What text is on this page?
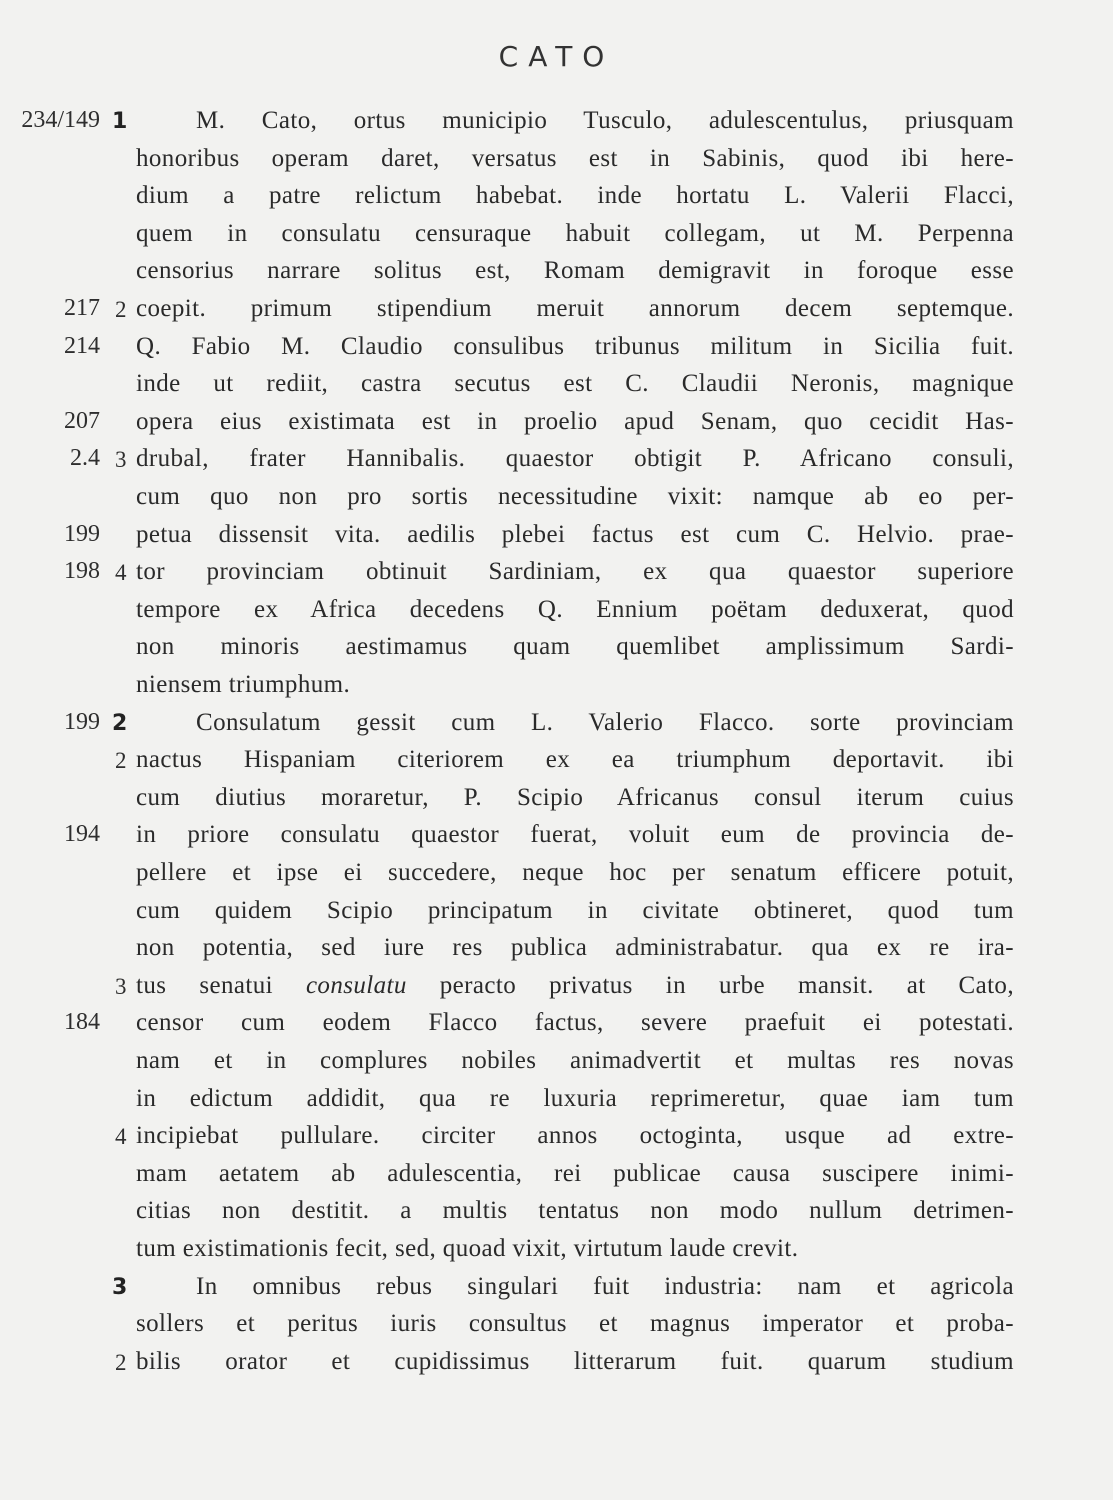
CATO
234/149 1	M. Cato, ortus municipio Tusculo, adulescentulus, priusquam
honoribus operam daret, versatus est in Sabinis, quod ibi here-
dium a patre relictum habebat. inde hortatu L. Valerii Flacci,
quem in consulatu censuraque habuit collegam, ut M. Perpenna
censorius narrare solitus est, Romam demigravit in foroque esse
217 2 coepit. primum stipendium meruit annorum decem septemque.
214 Q. Fabio M. Claudio consulibus tribunus militum in Sicilia fuit.
inde ut rediit, castra secutus est C. Claudii Neronis, magnique
207 opera eius existimata est in proelio apud Senam, quo cecidit Has-
2.4 3 drubal, frater Hannibalis. quaestor obtigit P. Africano consuli,
cum quo non pro sortis necessitudine vixit: namque ab eo per-
199 petua dissensit vita. aedilis plebei factus est cum C. Helvio. prae-
198 4 tor provinciam obtinuit Sardiniam, ex qua quaestor superiore
tempore ex Africa decedens Q. Ennium poëtam deduxerat, quod
non minoris aestimamus quam quemlibet amplissimum Sardi-
niensem triumphum.
199 2	Consulatum gessit cum L. Valerio Flacco. sorte provinciam
2 nactus Hispaniam citeriorem ex ea triumphum deportavit. ibi
cum diutius moraretur, P. Scipio Africanus consul iterum cuius
194 in priore consulatu quaestor fuerat, voluit eum de provincia de-
pellere et ipse ei succedere, neque hoc per senatum efficere potuit,
cum quidem Scipio principatum in civitate obtineret, quod tum
non potentia, sed iure res publica administrabatur. qua ex re ira-
3 tus senatui consulatu peracto privatus in urbe mansit. at Cato,
184 censor cum eodem Flacco factus, severe praefuit ei potestati.
nam et in complures nobiles animadvertit et multas res novas
in edictum addidit, qua re luxuria reprimeretur, quae iam tum
4 incipiebat pullulare. circiter annos octoginta, usque ad extre-
mam aetatem ab adulescentia, rei publicae causa suscipere inimi-
citias non destitit. a multis tentatus non modo nullum detrimen-
tum existimationis fecit, sed, quoad vixit, virtutum laude crevit.
3	In omnibus rebus singulari fuit industria: nam et agricola
sollers et peritus iuris consultus et magnus imperator et proba-
2 bilis orator et cupidissimus litterarum fuit. quarum studium
